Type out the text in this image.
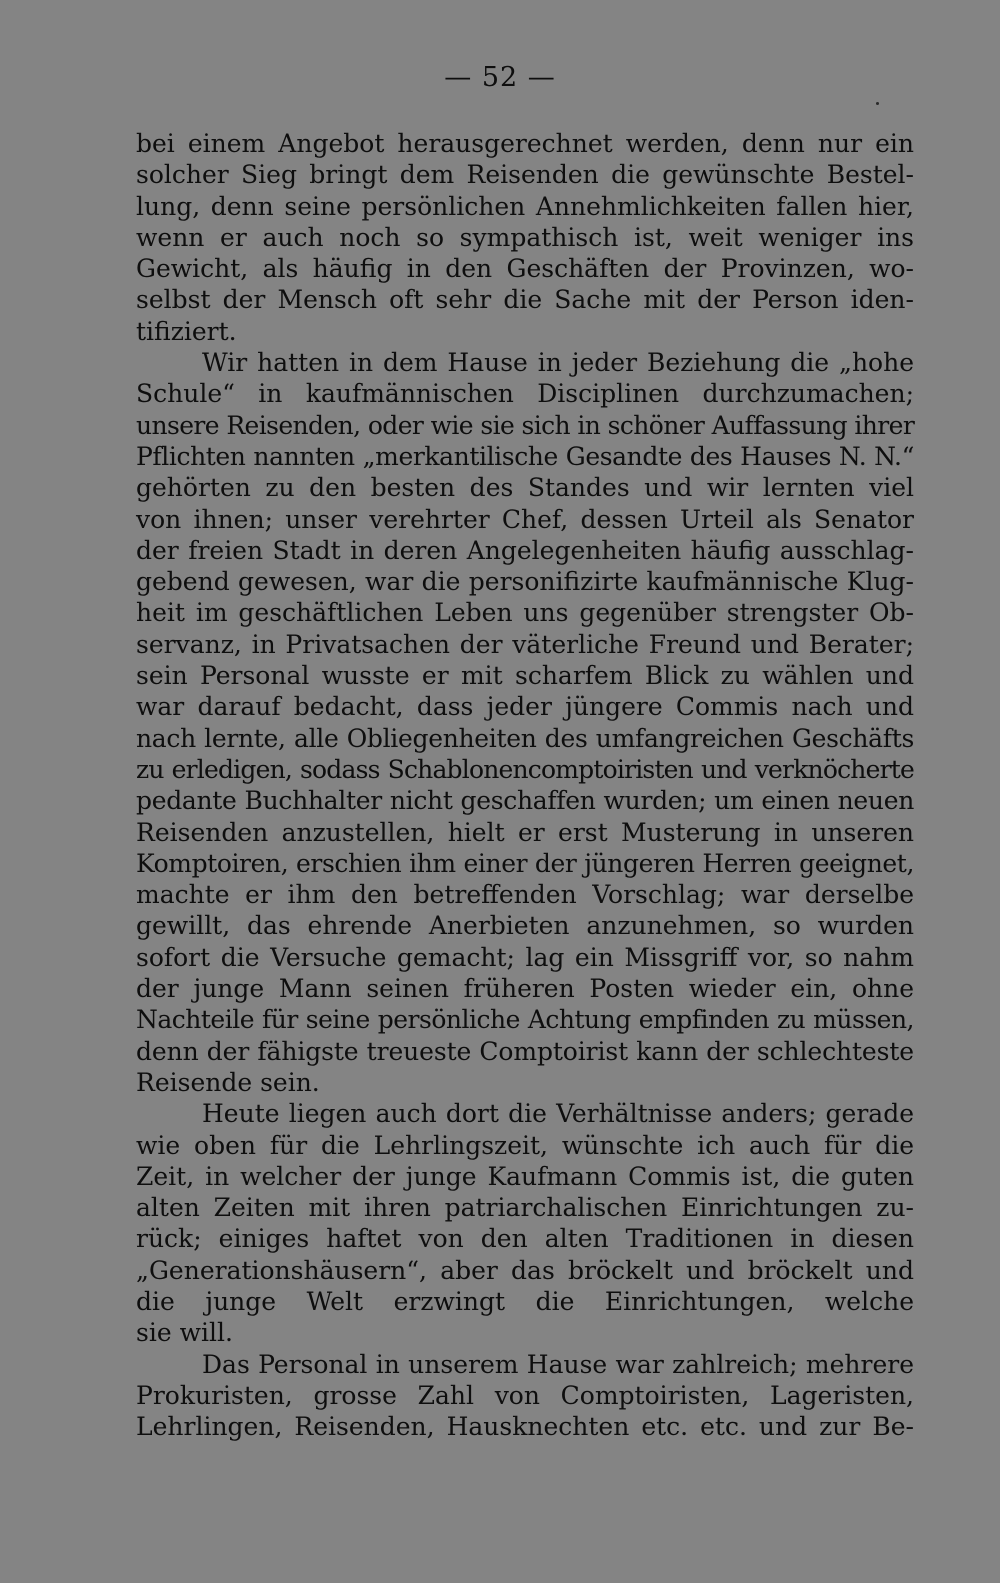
— 52 —
bei einem Angebot herausgerechnet werden, denn nur ein
solcher Sieg bringt dem Reisenden die gewünschte Bestel-
lung, denn seine persönlichen Annehmlichkeiten fallen hier,
wenn er auch noch so sympathisch ist, weit weniger ins
Gewicht, als häufig in den Geschäften der Provinzen, wo-
selbst der Mensch oft sehr die Sache mit der Person iden-
tifiziert.
Wir hatten in dem Hause in jeder Beziehung die „hohe
Schule“ in kaufmännischen Disciplinen durchzumachen;
unsere Reisenden, oder wie sie sich in schöner Auffassung ihrer
Pflichten nannten „merkantilische Gesandte des Hauses N. N.“
gehörten zu den besten des Standes und wir lernten viel
von ihnen; unser verehrter Chef, dessen Urteil als Senator
der freien Stadt in deren Angelegenheiten häufig ausschlag-
gebend gewesen, war die personifizirte kaufmännische Klug-
heit im geschäftlichen Leben uns gegenüber strengster Ob-
servanz, in Privatsachen der väterliche Freund und Berater;
sein Personal wusste er mit scharfem Blick zu wählen und
war darauf bedacht, dass jeder jüngere Commis nach und
nach lernte, alle Obliegenheiten des umfangreichen Geschäfts
zu erledigen, sodass Schablonencomptoiristen und verknöcherte
pedante Buchhalter nicht geschaffen wurden; um einen neuen
Reisenden anzustellen, hielt er erst Musterung in unseren
Komptoiren, erschien ihm einer der jüngeren Herren geeignet,
machte er ihm den betreffenden Vorschlag; war derselbe
gewillt, das ehrende Anerbieten anzunehmen, so wurden
sofort die Versuche gemacht; lag ein Missgriff vor, so nahm
der junge Mann seinen früheren Posten wieder ein, ohne
Nachteile für seine persönliche Achtung empfinden zu müssen,
denn der fähigste treueste Comptoirist kann der schlechteste
Reisende sein.
Heute liegen auch dort die Verhältnisse anders; gerade
wie oben für die Lehrlingszeit, wünschte ich auch für die
Zeit, in welcher der junge Kaufmann Commis ist, die guten
alten Zeiten mit ihren patriarchalischen Einrichtungen zu-
rück; einiges haftet von den alten Traditionen in diesen
„Generationshäusern“, aber das bröckelt und bröckelt und
die junge Welt erzwingt die Einrichtungen, welche
sie will.
Das Personal in unserem Hause war zahlreich; mehrere
Prokuristen, grosse Zahl von Comptoiristen, Lageristen,
Lehrlingen, Reisenden, Hausknechten etc. etc. und zur Be-
